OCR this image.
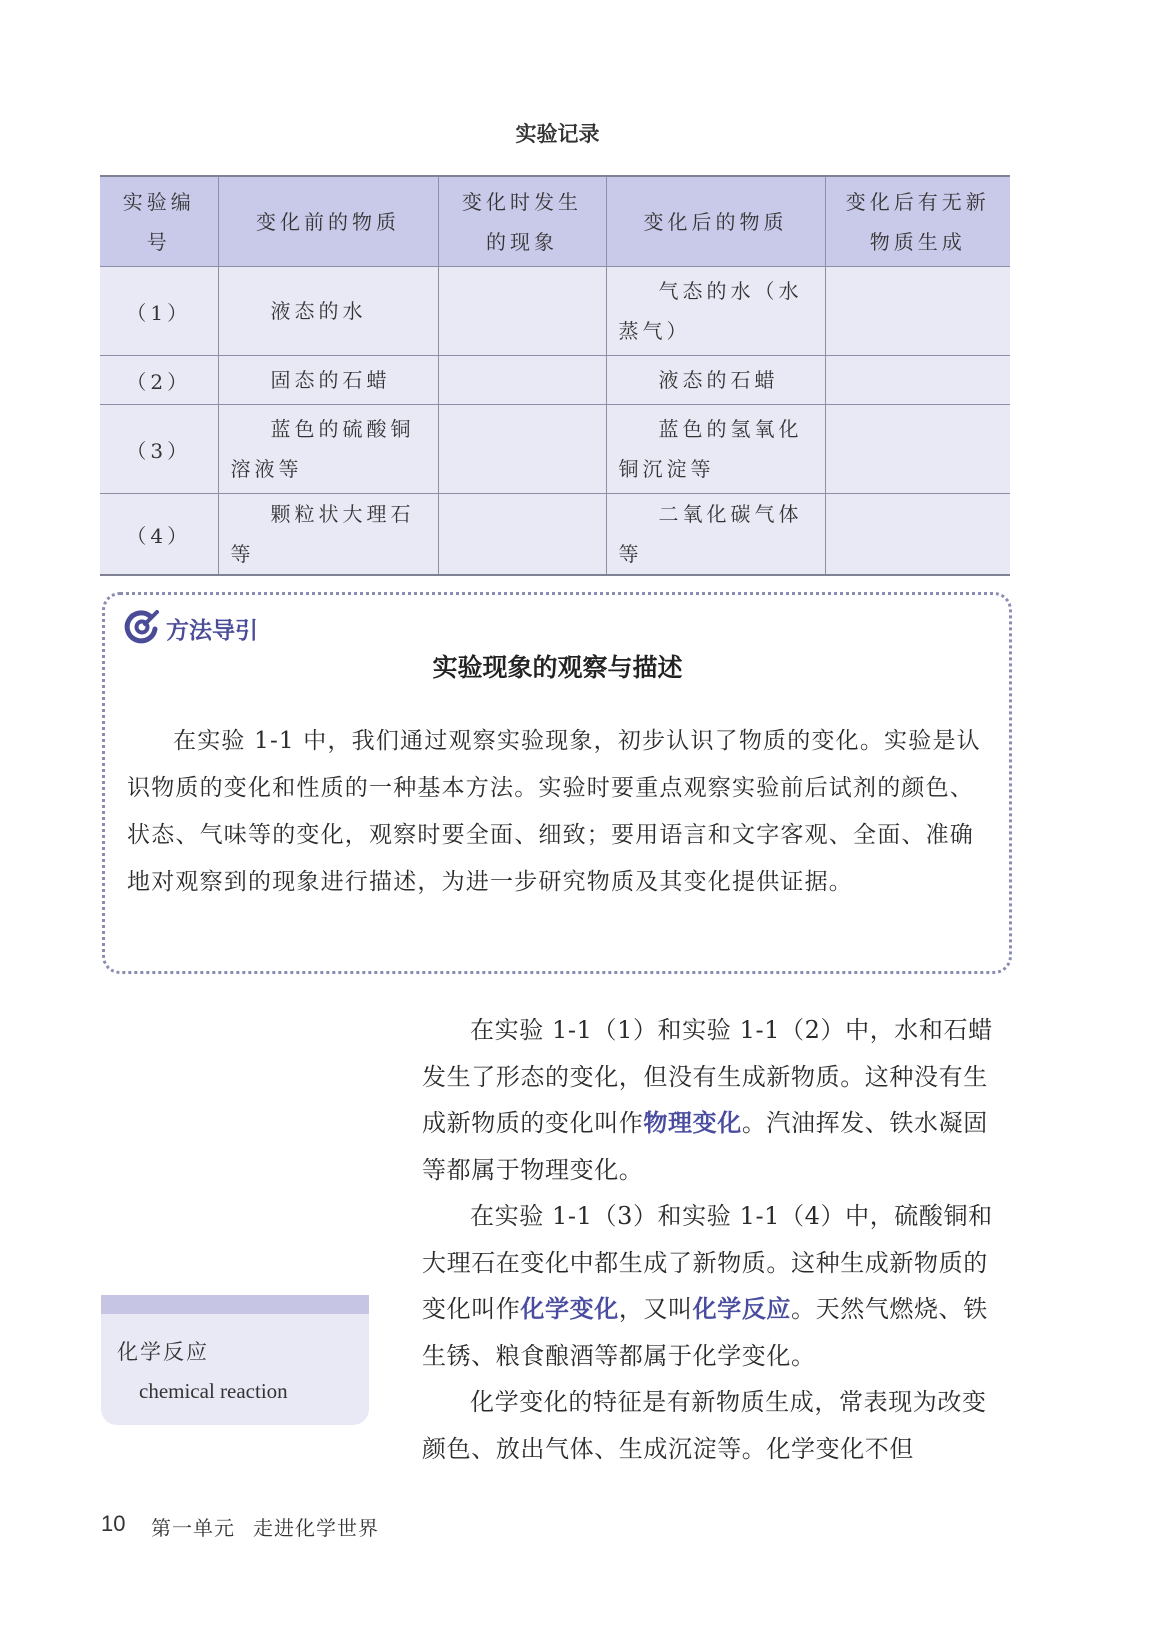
实验记录
实验编号	变化前的物质	变化时发生的现象	变化后的物质	变化后有无新物质生成
（1）	液态的水		气态的水（水蒸气）	
（2）	固态的石蜡		液态的石蜡	
（3）	蓝色的硫酸铜溶液等		蓝色的氢氧化铜沉淀等	
（4）	颗粒状大理石等		二氧化碳气体等	
方法导引
实验现象的观察与描述

在实验 1-1 中，我们通过观察实验现象，初步认识了物质的变化。实验是认识物质的变化和性质的一种基本方法。实验时要重点观察实验前后试剂的颜色、状态、气味等的变化，观察时要全面、细致；要用语言和文字客观、全面、准确地对观察到的现象进行描述，为进一步研究物质及其变化提供证据。

在实验 1-1（1）和实验 1-1（2）中，水和石蜡发生了形态的变化，但没有生成新物质。这种没有生成新物质的变化叫作物理变化。汽油挥发、铁水凝固等都属于物理变化。

在实验 1-1（3）和实验 1-1（4）中，硫酸铜和大理石在变化中都生成了新物质。这种生成新物质的变化叫作化学变化，又叫化学反应。天然气燃烧、铁生锈、粮食酿酒等都属于化学变化。

化学变化的特征是有新物质生成，常表现为改变颜色、放出气体、生成沉淀等。化学变化不但

化学反应
chemical reaction
10 第一单元 走进化学世界
